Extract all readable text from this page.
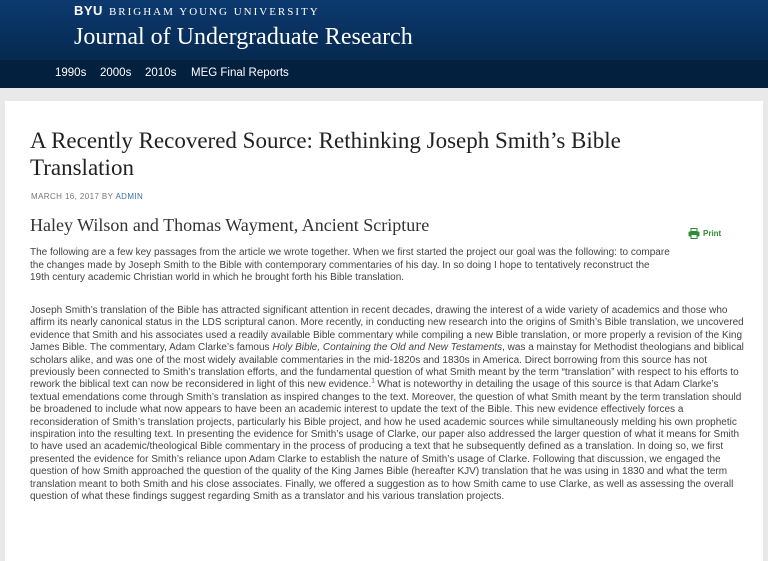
BYU BRIGHAM YOUNG UNIVERSITY
Journal of Undergraduate Research
1990s 2000s 2010s MEG Final Reports
A Recently Recovered Source: Rethinking Joseph Smith’s Bible Translation
MARCH 16, 2017 BY ADMIN
Haley Wilson and Thomas Wayment, Ancient Scripture	Print

The following are a few key passages from the article we wrote together. When we first started the project our goal was the following: to compare the changes made by Joseph Smith to the Bible with contemporary commentaries of his day. In so doing I hope to tentatively reconstruct the 19th century academic Christian world in which he brought forth his Bible translation.

Joseph Smith’s translation of the Bible has attracted significant attention in recent decades, drawing the interest of a wide variety of academics and those who affirm its nearly canonical status in the LDS scriptural canon. More recently, in conducting new research into the origins of Smith’s Bible translation, we uncovered evidence that Smith and his associates used a readily available Bible commentary while compiling a new Bible translation, or more properly a revision of the King James Bible. The commentary, Adam Clarke’s famous Holy Bible, Containing the Old and New Testaments, was a mainstay for Methodist theologians and biblical scholars alike, and was one of the most widely available commentaries in the mid-1820s and 1830s in America. Direct borrowing from this source has not previously been connected to Smith’s translation efforts, and the fundamental question of what Smith meant by the term “translation” with respect to his efforts to rework the biblical text can now be reconsidered in light of this new evidence.$^1$ What is noteworthy in detailing the usage of this source is that Adam Clarke’s textual emendations come through Smith’s translation as inspired changes to the text. Moreover, the question of what Smith meant by the term translation should be broadened to include what now appears to have been an academic interest to update the text of the Bible. This new evidence effectively forces a reconsideration of Smith’s translation projects, particularly his Bible project, and how he used academic sources while simultaneously melding his own prophetic inspiration into the resulting text. In presenting the evidence for Smith’s usage of Clarke, our paper also addressed the larger question of what it means for Smith to have used an academic/theological Bible commentary in the process of producing a text that he subsequently defined as a translation. In doing so, we first presented the evidence for Smith’s reliance upon Adam Clarke to establish the nature of Smith’s usage of Clarke. Following that discussion, we engaged the question of how Smith approached the question of the quality of the King James Bible (hereafter KJV) translation that he was using in 1830 and what the term translation meant to both Smith and his close associates. Finally, we offered a suggestion as to how Smith came to use Clarke, as well as assessing the overall question of what these findings suggest regarding Smith as a translator and his various translation projects.
